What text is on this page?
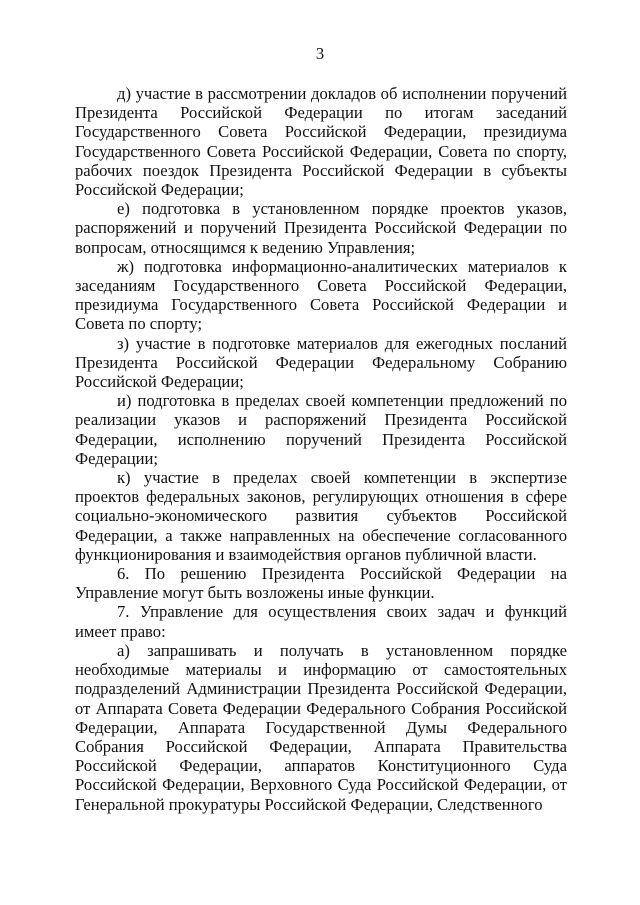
3

д) участие в рассмотрении докладов об исполнении поручений Президента Российской Федерации по итогам заседаний Государственного Совета Российской Федерации, президиума Государственного Совета Российской Федерации, Совета по спорту, рабочих поездок Президента Российской Федерации в субъекты Российской Федерации;

е) подготовка в установленном порядке проектов указов, распоряжений и поручений Президента Российской Федерации по вопросам, относящимся к ведению Управления;

ж) подготовка информационно-аналитических материалов к заседаниям Государственного Совета Российской Федерации, президиума Государственного Совета Российской Федерации и Совета по спорту;

з) участие в подготовке материалов для ежегодных посланий Президента Российской Федерации Федеральному Собранию Российской Федерации;

и) подготовка в пределах своей компетенции предложений по реализации указов и распоряжений Президента Российской Федерации, исполнению поручений Президента Российской Федерации;

к) участие в пределах своей компетенции в экспертизе проектов федеральных законов, регулирующих отношения в сфере социально-экономического развития субъектов Российской Федерации, а также направленных на обеспечение согласованного функционирования и взаимодействия органов публичной власти.

6. По решению Президента Российской Федерации на Управление могут быть возложены иные функции.

7. Управление для осуществления своих задач и функций имеет право:

а) запрашивать и получать в установленном порядке необходимые материалы и информацию от самостоятельных подразделений Администрации Президента Российской Федерации, от Аппарата Совета Федерации Федерального Собрания Российской Федерации, Аппарата Государственной Думы Федерального Собрания Российской Федерации, Аппарата Правительства Российской Федерации, аппаратов Конституционного Суда Российской Федерации, Верховного Суда Российской Федерации, от Генеральной прокуратуры Российской Федерации, Следственного
